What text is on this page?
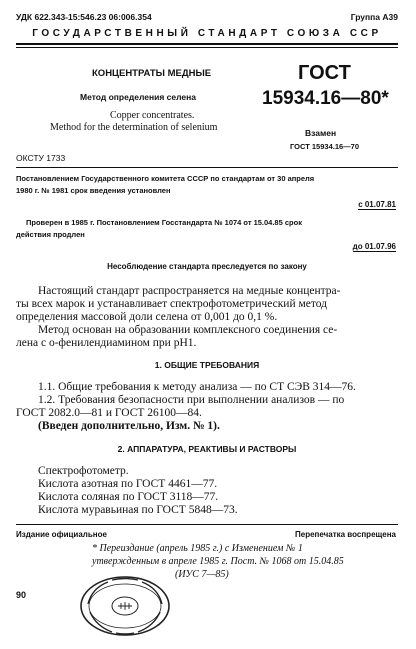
УДК 622.343-15:546.23 06:006.354	Группа А39
ГОСУДАРСТВЕННЫЙ СТАНДАРТ СОЮЗА ССР
КОНЦЕНТРАТЫ МЕДНЫЕ
Метод определения селена
Copper concentrates.
Method for the determination of selenium
ГОСТ
15934.16—80*
Взамен
ГОСТ 15934.16—70
ОКСТУ 1733
Постановлением Государственного комитета СССР по стандартам от 30 апреля
1980 г. № 1981 срок введения установлен
с 01.07.81
Проверен в 1985 г. Постановлением Госстандарта № 1074 от 15.04.85 срок
действия продлен
до 01.07.96
Несоблюдение стандарта преследуется по закону
Настоящий стандарт распространяется на медные концентра-
ты всех марок и устанавливает спектрофотометрический метод
определения массовой доли селена от 0,001 до 0,1 %.
Метод основан на образовании комплексного соединения се-
лена с о-фенилендиамином при pH1.
1. ОБЩИЕ ТРЕБОВАНИЯ
1.1. Общие требования к методу анализа — по СТ СЭВ 314—76.
1.2. Требования безопасности при выполнении анализов — по
ГОСТ 2082.0—81 и ГОСТ 26100—84.
(Введен дополнительно, Изм. № 1).
2. АППАРАТУРА, РЕАКТИВЫ И РАСТВОРЫ
Спектрофотометр.
Кислота азотная по ГОСТ 4461—77.
Кислота соляная по ГОСТ 3118—77.
Кислота муравьиная по ГОСТ 5848—73.
Издание официальное	Перепечатка воспрещена
* Переиздание (апрель 1985 г.) с Изменением № 1
утвержденным в апреле 1985 г. Пост. № 1068 от 15.04.85
(ИУС 7—85)
90
